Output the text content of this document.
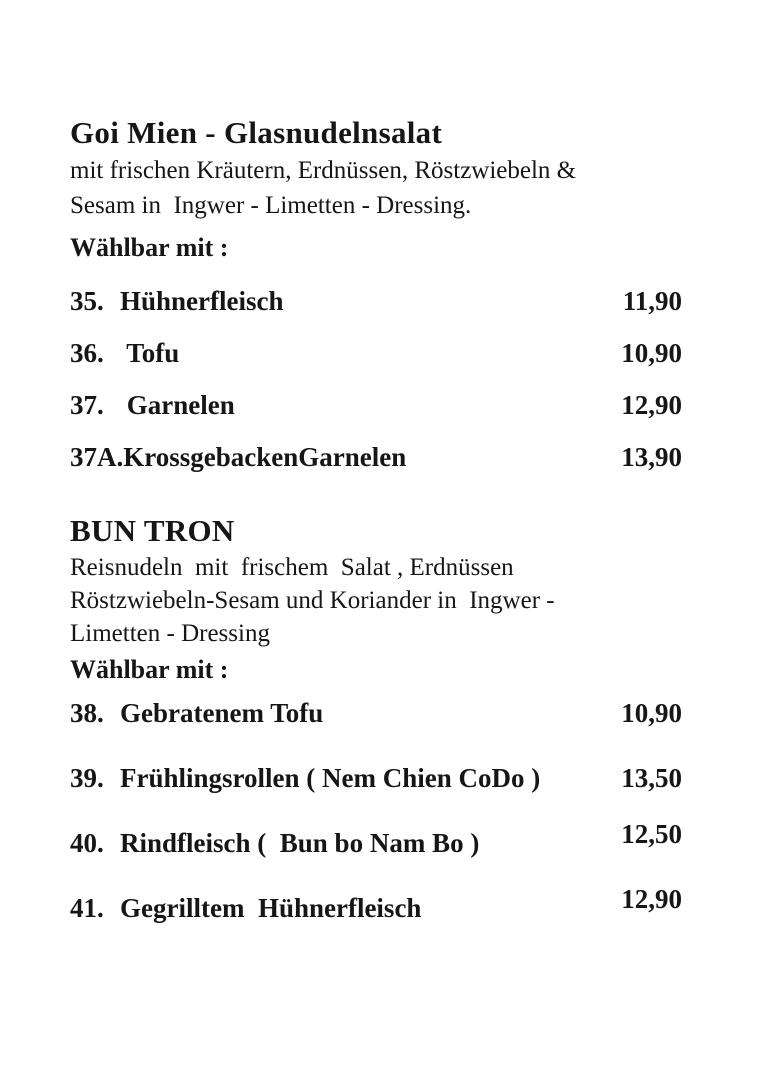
Goi Mien - Glasnudelnsalat
mit frischen Kräutern, Erdnüssen, Röstzwiebeln &
Sesam in  Ingwer - Limetten - Dressing.
Wählbar mit :
35. Hühnerfleisch	11,90
36. Tofu	10,90
37. Garnelen	12,90
37A. KrossgebackenGarnelen	13,90
BUN TRON
Reisnudeln  mit  frischem  Salat , Erdnüssen
Röstzwiebeln-Sesam und Koriander in  Ingwer -
Limetten - Dressing
Wählbar mit :
38. Gebratenem Tofu	10,90
39. Frühlingsrollen ( Nem Chien CoDo )	13,50
40. Rindfleisch (  Bun bo Nam Bo )	12,50
41. Gegrilltem  Hühnerfleisch	12,90
